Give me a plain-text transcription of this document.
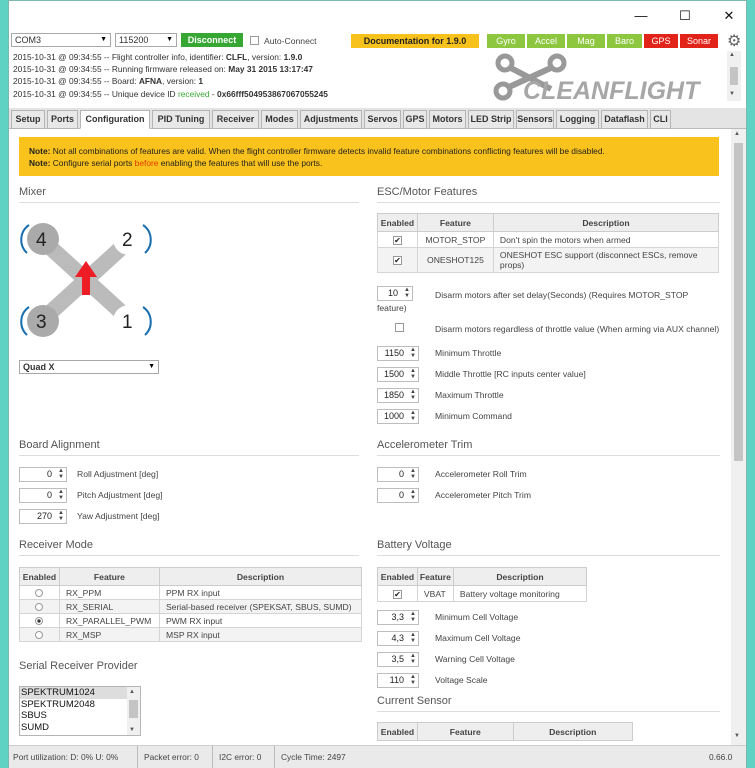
—	☐	✕
COM3	▼	115200	▼	Disconnect	Auto-Connect	Documentation for 1.9.0	Gyro	Accel	Mag	Baro	GPS	Sonar ⚙
2015-10-31 @ 09:34:55 -- Flight controller info, identifier: CLFL, version: 1.9.0
2015-10-31 @ 09:34:55 -- Running firmware released on: May 31 2015 13:17:47
2015-10-31 @ 09:34:55 -- Board: AFNA, version: 1
2015-10-31 @ 09:34:55 -- Unique device ID received - 0x66fff504953867067055245
▲
▼
CLEANFLIGHT
Setup	Ports	Configuration	PID Tuning	Receiver	Modes	Adjustments	Servos GPS Motors LED Strip Sensors Logging Dataflash CLI
Note: Not all combinations of features are valid. When the flight controller firmware detects invalid feature combinations conflicting features will be disabled.
Note: Configure serial ports before enabling the features that will use the ports.
Mixer
4	2
3	1
Quad X	▼
ESC/Motor Features
Enabled	Feature	Description
✔	MOTOR_STOP	Don't spin the motors when armed
✔	ONESHOT125	ONESHOT ESC support (disconnect ESCs, remove props)
10 ▲
▼	Disarm motors after set delay(Seconds) (Requires MOTOR_STOP feature)
Disarm motors regardless of throttle value (When arming via AUX channel)
1150 ▲
▼ Minimum Throttle
1500 ▲
▼ Middle Throttle [RC inputs center value]
1850 ▲
▼ Maximum Throttle
1000 ▲
▼ Minimum Command
Board Alignment
0 ▲
▼ Roll Adjustment [deg]
0 ▲
▼ Pitch Adjustment [deg]
270 ▲
▼ Yaw Adjustment [deg]
Accelerometer Trim
0 ▲
▼ Accelerometer Roll Trim
0 ▲
▼ Accelerometer Pitch Trim
Receiver Mode
Enabled	Feature	Description
	RX_PPM	PPM RX input
	RX_SERIAL	Serial-based receiver (SPEKSAT, SBUS, SUMD)
	RX_PARALLEL_PWM	PWM RX input
	RX_MSP	MSP RX input
Serial Receiver Provider
SPEKTRUM1024
SPEKTRUM2048
SBUS
SUMD
▲
▼
Battery Voltage
Enabled	Feature	Description
✔	VBAT	Battery voltage monitoring
3,3 ▲
▼ Minimum Cell Voltage
4,3 ▲
▼ Maximum Cell Voltage
3,5 ▲
▼ Warning Cell Voltage
110 ▲
▼ Voltage Scale
Current Sensor
Enabled	Feature	Description
▲
▼
Port utilization: D: 0% U: 0%	Packet error: 0	I2C error: 0	Cycle Time: 2497	0.66.0
